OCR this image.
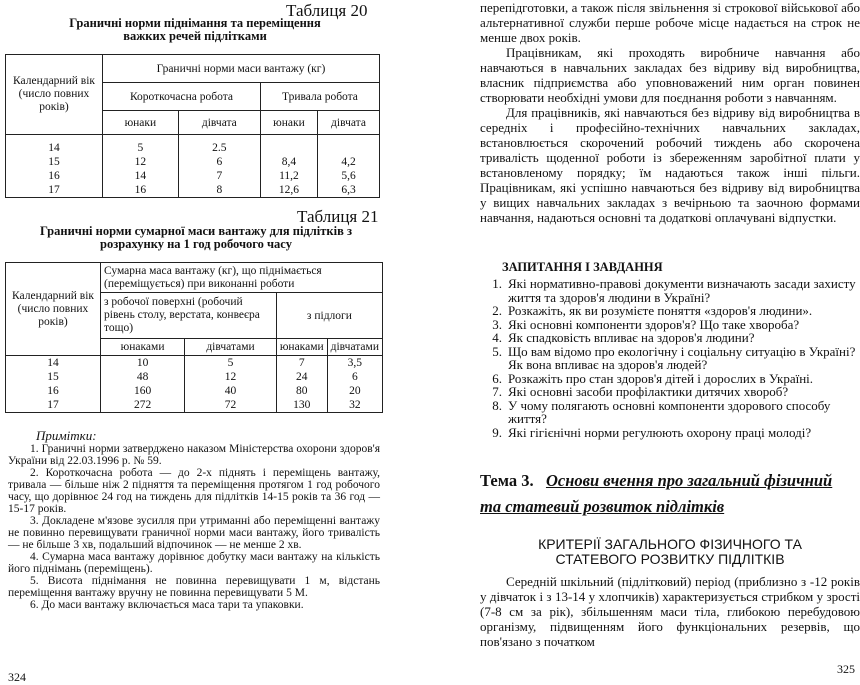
Таблиця 20
Граничні норми піднімання та переміщення
важких речей підлітками
Календарний вік (число повних років)	Граничні норми маси вантажу (кг)			
	Короткочасна робота		Тривала робота	
	юнаки	дівчата	юнаки	дівчата

14	5	2.5		
15	12	6	8,4	4,2
16	14	7	11,2	5,6
17	16	8	12,6	6,3
Таблиця 21
Граничні норми сумарної маси вантажу для підлітків з
розрахунку на 1 год робочого часу
Календарний вік (число повних років)	Сумарна маса вантажу (кг), що піднімається (переміщується) при виконанні роботи			
	з робочої поверхні (робочий рівень столу, верстата, конвеєра тощо)		з підлоги	
	юнаками	дівчатами	юнаками	дівчатами
14	10	5	7	3,5
15	48	12	24	6
16	160	40	80	20
17	272	72	130	32

Примітки:

1. Граничні норми затверджено наказом Міністерства охорони здоров'я України від 22.03.1996 р. № 59.

2. Короткочасна робота — до 2-х піднять і переміщень вантажу, тривала — більше ніж 2 підняття та переміщення протягом 1 год робочого часу, що дорівнює 24 год на тиждень для підлітків 14-15 років та 36 год — 15-17 років.

3. Докладене м'язове зусилля при утриманні або переміщенні вантажу не повинно перевищувати граничної норми маси вантажу, його тривалість — не більше 3 хв, подальший відпочинок — не менше 2 хв.

4. Сумарна маса вантажу дорівнює добутку маси вантажу на кількість його піднімань (переміщень).

5. Висота піднімання не повинна перевищувати 1 м, відстань переміщення вантажу вручну не повинна перевищувати 5 М.

6. До маси вантажу включається маса тари та упаковки.

324

перепідготовки, а також після звільнення зі строкової військової або альтернативної служби перше робоче місце надається на строк не менше двох років.

Працівникам, які проходять виробниче навчання або навчаються в навчальних закладах без відриву від виробництва, власник підприємства або уповноважений ним орган повинен створювати необхідні умови для поєднання роботи з навчанням.

Для працівників, які навчаються без відриву від виробництва в середніх і професійно-технічних навчальних закладах, встановлюється скорочений робочий тиждень або скорочена тривалість щоденної роботи із збереженням заробітної плати у встановленому порядку; їм надаються також інші пільги. Працівникам, які успішно навчаються без відриву від виробництва у вищих навчальних закладах з вечірньою та заочною формами навчання, надаються основні та додаткові оплачувані відпустки.

ЗАПИТАННЯ І ЗАВДАННЯ
1. Які нормативно-правові документи визначають засади захисту життя та здоров'я людини в Україні?
2. Розкажіть, як ви розумієте поняття «здоров'я людини».
3. Які основні компоненти здоров'я? Що таке хвороба?
4. Як спадковість впливає на здоров'я людини?
5. Що вам відомо про екологічну і соціальну ситуацію в Україні? Як вона впливає на здоров'я людей?
6. Розкажіть про стан здоров'я дітей і дорослих в Україні.
7. Які основні засоби профілактики дитячих хвороб?
8. У чому полягають основні компоненти здорового способу життя?
9. Які гігієнічні норми регулюють охорону праці молоді?
Тема 3. Основи вчення про загальний фізичний
та статевий розвиток підлітків
КРИТЕРІЇ ЗАГАЛЬНОГО ФІЗИЧНОГО ТА
СТАТЕВОГО РОЗВИТКУ ПІДЛІТКІВ

Середній шкільний (підлітковий) період (приблизно з -12 років у дівчаток і з 13-14 у хлопчиків) характеризується стрибком у зрості (7-8 см за рік), збільшенням маси тіла, глибокою перебудовою організму, підвищенням його функціональних резервів, що пов'язано з початком

325
